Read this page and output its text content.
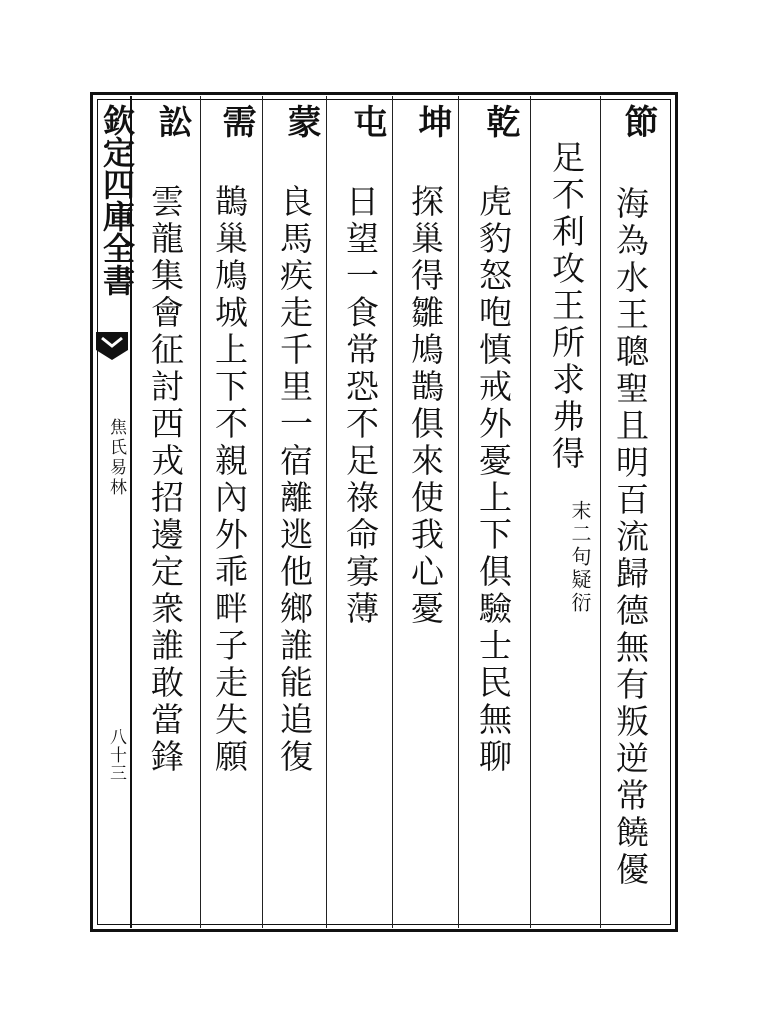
欽定四庫全書
焦氏易林
八十三
節
海為水王聰聖且明百流歸德無有叛逆常饒優
足不利攻王所求弗得
末二句疑衍
乾
虎豹怒咆慎戒外憂上下俱驗士民無聊
坤
探巢得雛鳩鵲俱來使我心憂
屯
日望一食常恐不足祿命寡薄
蒙
良馬疾走千里一宿離逃他鄉誰能追復
需
鵲巢鳩城上下不親內外乖畔子走失願
訟
雲龍集會征討西戎招邊定衆誰敢當鋒
